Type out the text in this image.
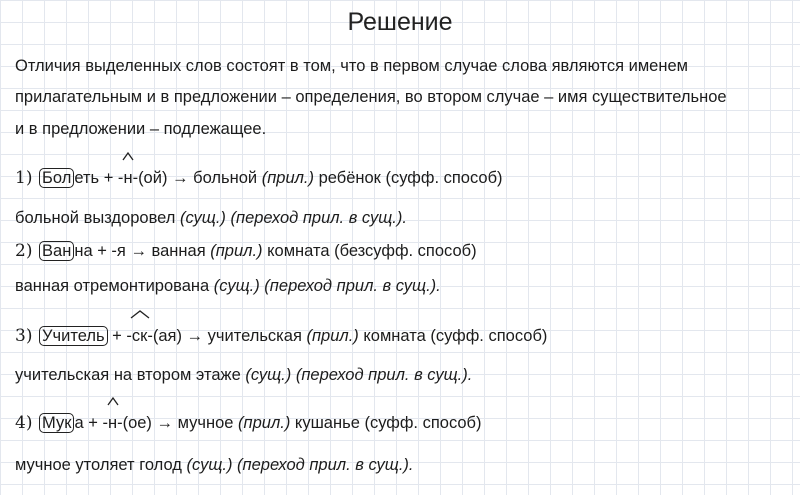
Решение
Отличия выделенных слов состоят в том, что в первом случае слова являются именем
прилагательным и в предложении – определения, во втором случае – имя существительное
и в предложении – подлежащее.
1) Бол еть + -
н-(ой) → больной (прил.) ребёнок (суфф. способ)
больной выздоровел (сущ.) (переход прил. в сущ.).
2) Ван на + -я → ванная (прил.) комната (безсуфф. способ)
ванная отремонтирована (сущ.) (переход прил. в сущ.).
3) Учитель + -
ск-(ая) → учительская (прил.) комната (суфф. способ)
учительская на втором этаже (сущ.) (переход прил. в сущ.).
4) Мук а + -
н-(ое) → мучное (прил.) кушанье (суфф. способ)
мучное утоляет голод (сущ.) (переход прил. в сущ.).
